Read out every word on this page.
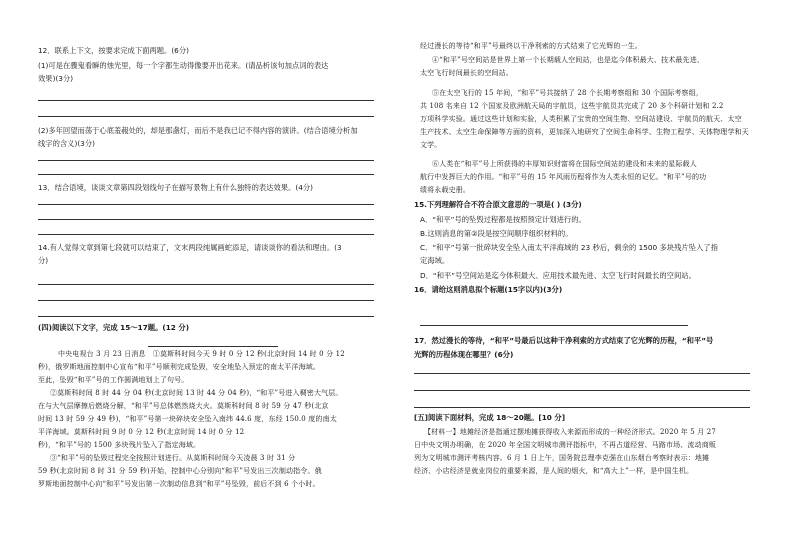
12．联系上下文，按要求完成下面两题。(6分)
(1)可是在骤鬼看瞬的烛光里，每一个字都生动得像要开出花来。(请品析该句加点词的表达
效果)(3分)
(2)多年回望而荡于心底羞赧处的，却是那盏灯，而后不是我已记不得内容的演讲。(结合语境分析加
线字的含义)(3分)
13．结合语境，谈谈文章第四段划线句子在描写景物上有什么独特的表达效果。(4分)
14.有人觉得文章到第七段就可以结束了，文末两段纯属画蛇添足，请谈谈你的看法和理由。(3
分)
(四)阅读以下文字，完成 15～17题。(12 分)
中央电视台 3 月 23 日消息　①莫斯科时间今天 9 时 0 分 12 秒(北京时间 14 时 0 分 12
秒)，俄罗斯地面控制中心宣布“和平”号顺利完成坠毁，安全地坠入预定的南太平洋海域。
至此，坠毁“和平”号的工作圆满地划上了句号。
②莫斯科时间 8 时 44 分 04 秒(北京时间 13 时 44 分 04 秒)，“和平”号进入稠密大气层。
在与大气层摩擦后燃烧分解，“和平”号总体燃然烧大火。莫斯科时间 8 时 59 分 47 秒(北京
时间 13 时 59 分 49 秒)，“和平”号第一块碎块安全坠入南纬 44.6 度，东经 150.0 度的南太
平洋海域。莫斯科时间 9 时 0 分 12 秒(北京时间 14 时 0 分 12
秒)，“和平”号的 1500 多块残片坠入了指定海域。
③“和平”号的坠毁过程完全按照计划进行。从莫斯科时间今天凌晨 3 时 31 分
59 秒(北京时间 8 时 31 分 59 秒)开始，控制中心分别向“和平”号发出三次制动指令。俄
罗斯地面控制中心向“和平”号发出第一次制动信息到“和平”号坠毁，前后不到 6 个小时。
经过漫长的等待“和平”号最终以干净利索的方式结束了它光辉的一生。
④“和平”号空间站是世界上第一个长期载人空间站，也是迄今体积最大、技术最先进、
太空飞行时间最长的空间站。
⑤在太空飞行的 15 年间，“和平”号共接纳了 28 个长期考察组和 30 个国际考察组，
共 108 名来自 12 个国家及欧洲航天局的宇航员，这些宇航员共完成了 20 多个科研计划和 2.2
万项科学实验。通过这些计划和实验，人类积累了宝贵的空间生物、空间站建设、宇航员的航天、太空
生产技术、太空生命保障等方面的资料，更加深入地研究了空间生命科学、生物工程学、天体物理学和天
文学。
⑥人类在“和平”号上所获得的丰厚知识财富将在国际空间站的建设和未来的星际载人
航行中发挥巨大的作用。“和平”号的 15 年风雨历程将作为人类永恒的记忆。“和平”号的功
绩将永载史册。
15.下列理解符合不符合原文意思的一项是( ) (3分)
A．“和平”号的坠毁过程都是按照预定计划进行的。
B.这则消息的第②段是按空间顺序组织材料的。
C．“和平”号第一批碎块安全坠入南太平洋海域的 23 秒后，剩余的 1500 多块残片坠入了指
定海域。
D．“和平”号空间站是迄今体积最大、应用技术最先进、太空飞行时间最长的空间站。
16．请给这则消息拟个标题(15字以内)(3分)
17．然过漫长的等待，“和平”号最后以这种干净利索的方式结束了它光辉的历程，“和平”号
光辉的历程体现在哪里？(6分)
[五]阅读下面材料，完成 18～20题。[10 分]
【材料一】地摊经济是指通过摆地摊获得收入来源而形成的一种经济形式。2020 年 5 月 27
日中央文明办明确，在 2020 年全国文明城市测评指标中，不再占道经营、马路市场、流动商贩
列为文明城市测评考核内容。6 月 1 日上午，国务院总理李克强在山东烟台考察时表示：地摊
经济、小店经济是就业岗位的重要来源，是人间的烟火，和“高大上”一样，是中国生机。
